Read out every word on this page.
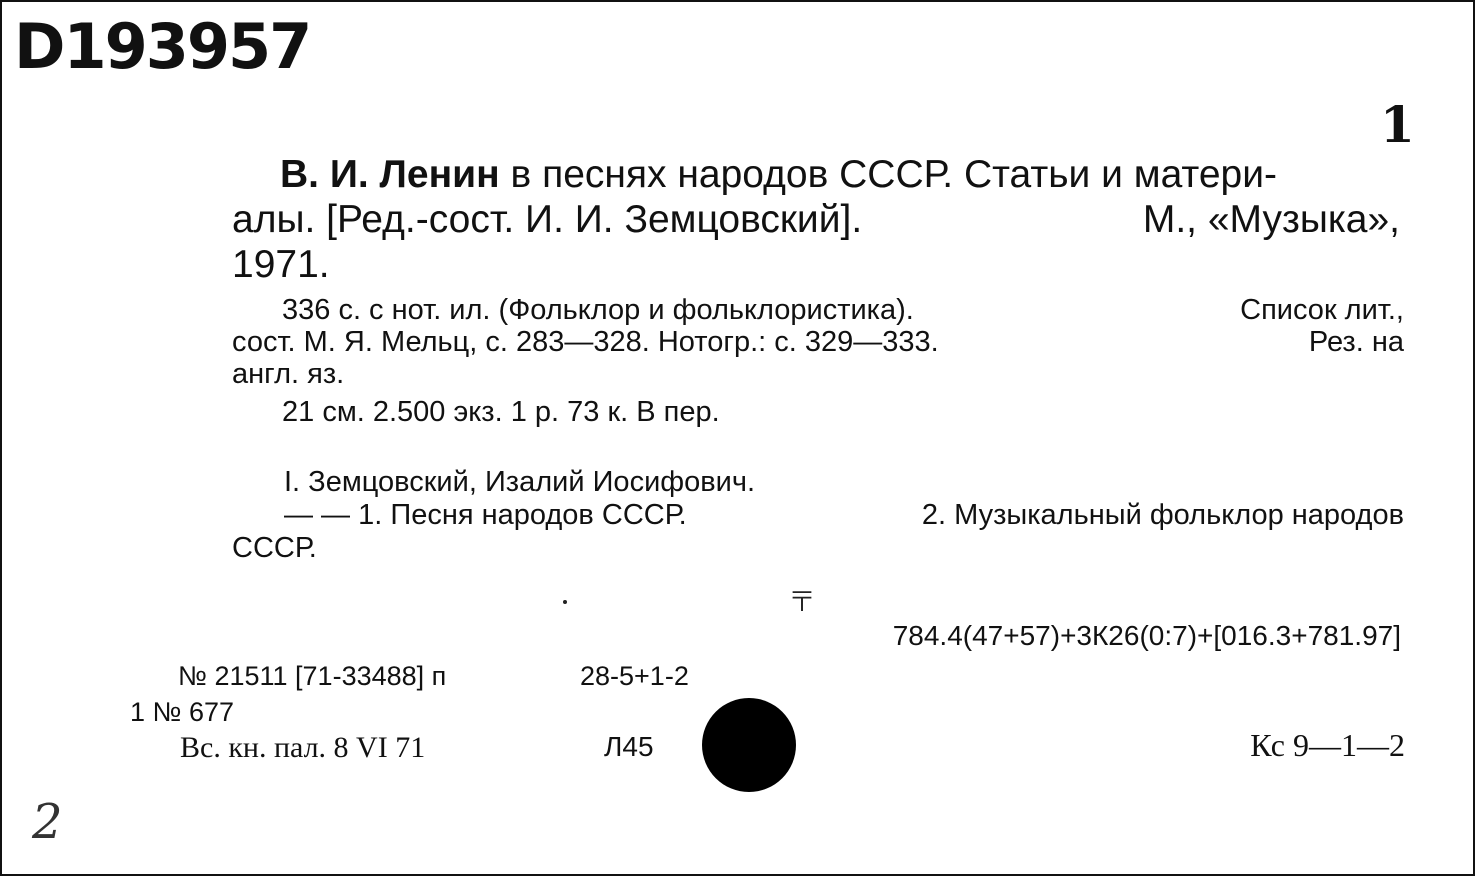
D193957
1
В. И. Ленин в песнях народов СССР. Статьи и матери-
алы. [Ред.-сост. И. И. Земцовский].	М., «Музыка»,
1971.
336 с. с нот. ил. (Фольклор и фольклористика).	Список лит.,
сост. М. Я. Мельц, с. 283—328. Нотогр.: с. 329—333.	Рез. на
англ. яз.
21 см. 2.500 экз. 1 р. 73 к. В пер.
I. Земцовский, Изалий Иосифович.
— — 1. Песня народов СССР.	2. Музыкальный фольклор народов
СССР.
〒
784.4(47+57)+3К26(0:7)+[016.3+781.97]
№ 21511 [71-33488] п	28-5+1-2
1 № 677
Вс. кн. пал. 8 VI 71	Л45	Кс 9—1—2
2
